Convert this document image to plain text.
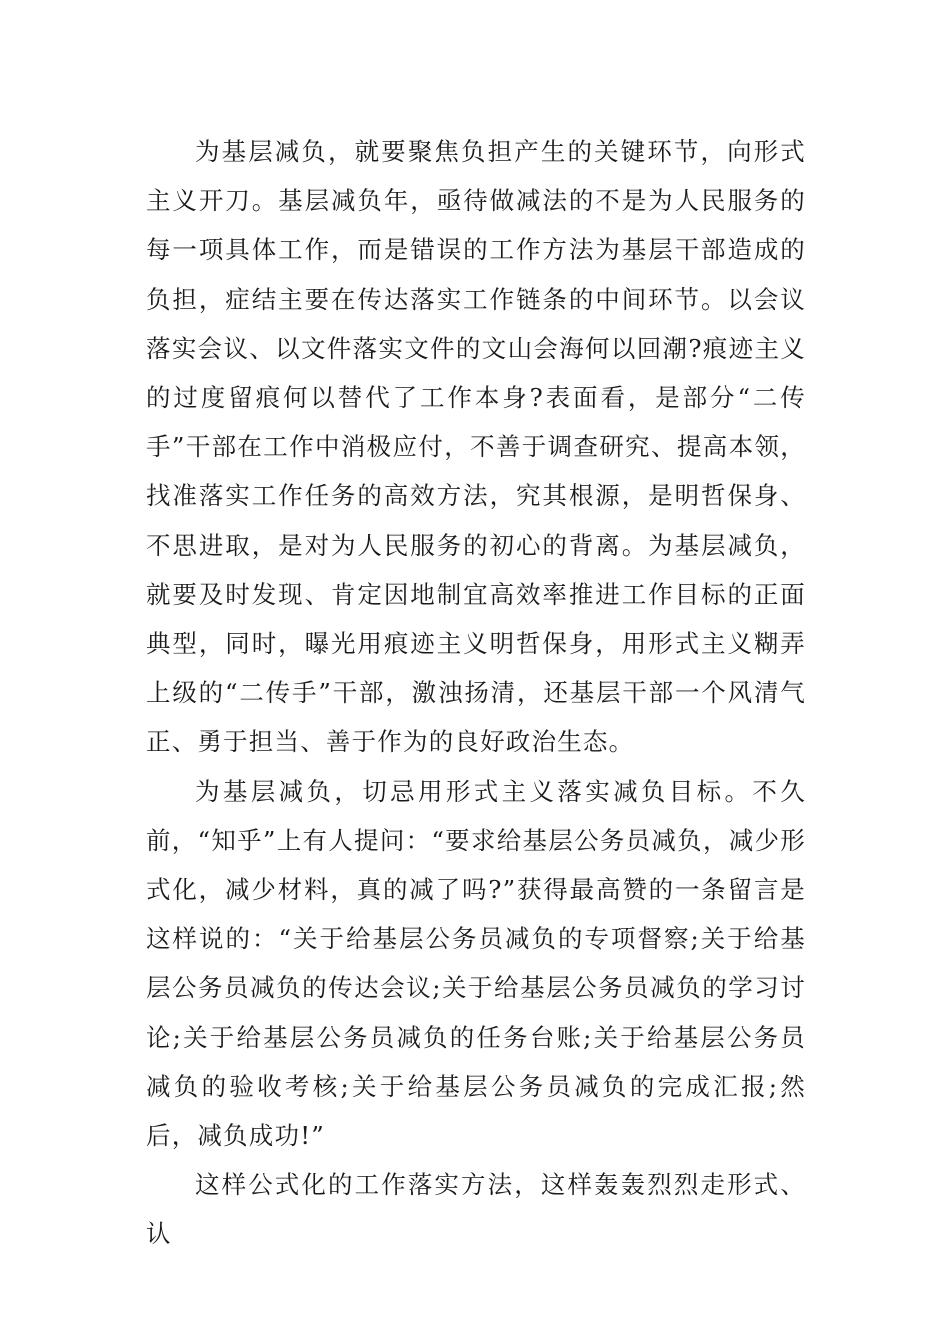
为基层减负，就要聚焦负担产生的关键环节，向形式主义开刀。基层减负年，亟待做减法的不是为人民服务的每一项具体工作，而是错误的工作方法为基层干部造成的负担，症结主要在传达落实工作链条的中间环节。以会议落实会议、以文件落实文件的文山会海何以回潮?痕迹主义的过度留痕何以替代了工作本身?表面看，是部分“二传手”干部在工作中消极应付，不善于调查研究、提高本领，找准落实工作任务的高效方法，究其根源，是明哲保身、不思进取，是对为人民服务的初心的背离。为基层减负，就要及时发现、肯定因地制宜高效率推进工作目标的正面典型，同时，曝光用痕迹主义明哲保身，用形式主义糊弄上级的“二传手”干部，激浊扬清，还基层干部一个风清气正、勇于担当、善于作为的良好政治生态。

为基层减负，切忌用形式主义落实减负目标。不久前，“知乎”上有人提问：“要求给基层公务员减负，减少形式化，减少材料，真的减了吗?”获得最高赞的一条留言是这样说的：“关于给基层公务员减负的专项督察;关于给基层公务员减负的传达会议;关于给基层公务员减负的学习讨论;关于给基层公务员减负的任务台账;关于给基层公务员减负的验收考核;关于给基层公务员减负的完成汇报;然后，减负成功!”

这样公式化的工作落实方法，这样轰轰烈烈走形式、认
